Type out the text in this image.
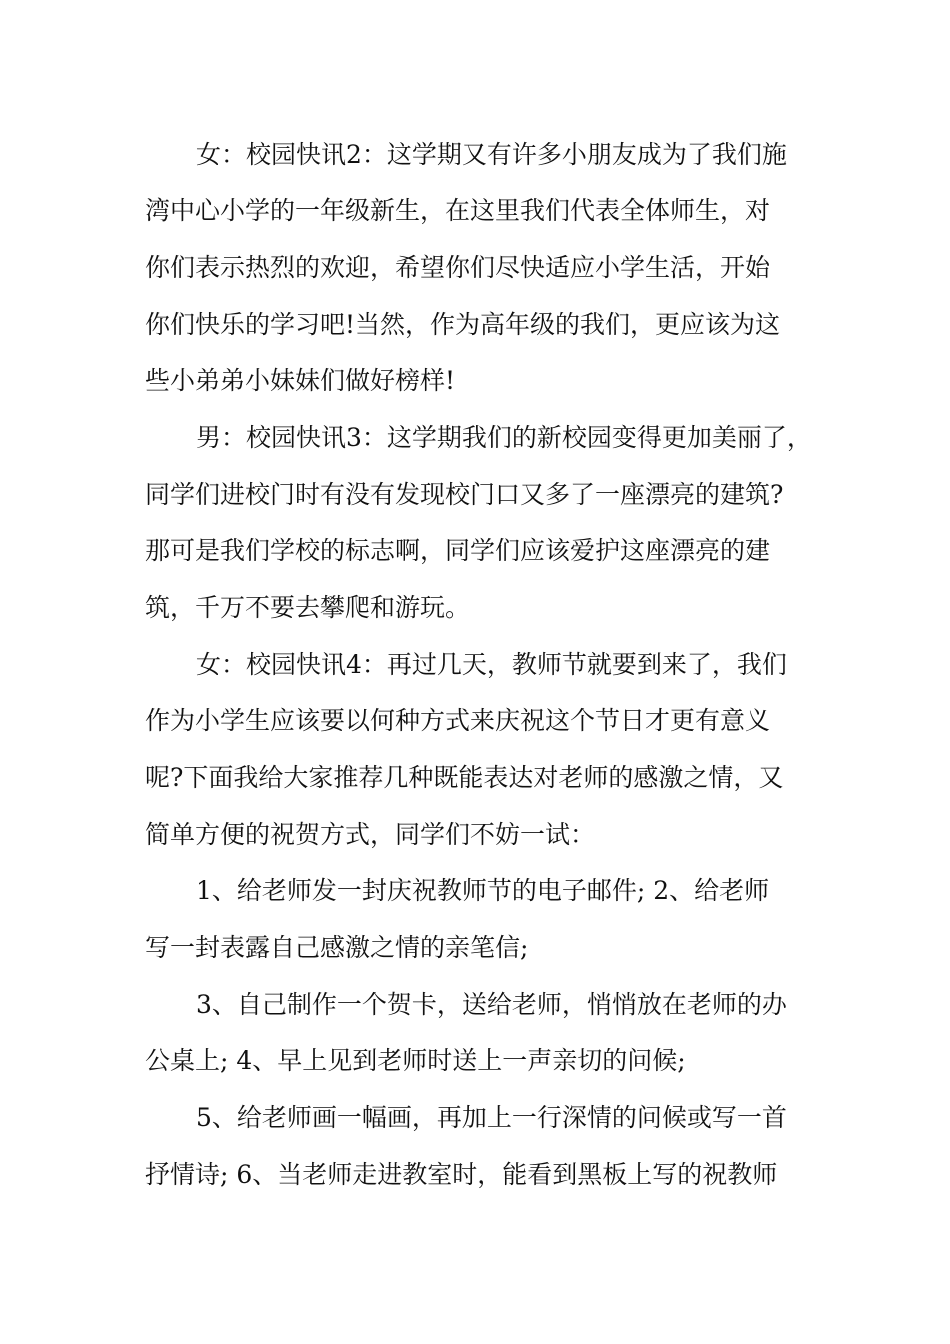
女：校园快讯2：这学期又有许多小朋友成为了我们施
湾中心小学的一年级新生，在这里我们代表全体师生，对
你们表示热烈的欢迎，希望你们尽快适应小学生活，开始
你们快乐的学习吧!当然，作为高年级的我们，更应该为这
些小弟弟小妹妹们做好榜样!
男：校园快讯3：这学期我们的新校园变得更加美丽了，
同学们进校门时有没有发现校门口又多了一座漂亮的建筑?
那可是我们学校的标志啊，同学们应该爱护这座漂亮的建
筑，千万不要去攀爬和游玩。
女：校园快讯4：再过几天，教师节就要到来了，我们
作为小学生应该要以何种方式来庆祝这个节日才更有意义
呢?下面我给大家推荐几种既能表达对老师的感激之情，又
简单方便的祝贺方式，同学们不妨一试：
1、给老师发一封庆祝教师节的电子邮件; 2、给老师
写一封表露自己感激之情的亲笔信;
3、自己制作一个贺卡，送给老师，悄悄放在老师的办
公桌上; 4、早上见到老师时送上一声亲切的问候;
5、给老师画一幅画，再加上一行深情的问候或写一首
抒情诗; 6、当老师走进教室时，能看到黑板上写的祝教师
